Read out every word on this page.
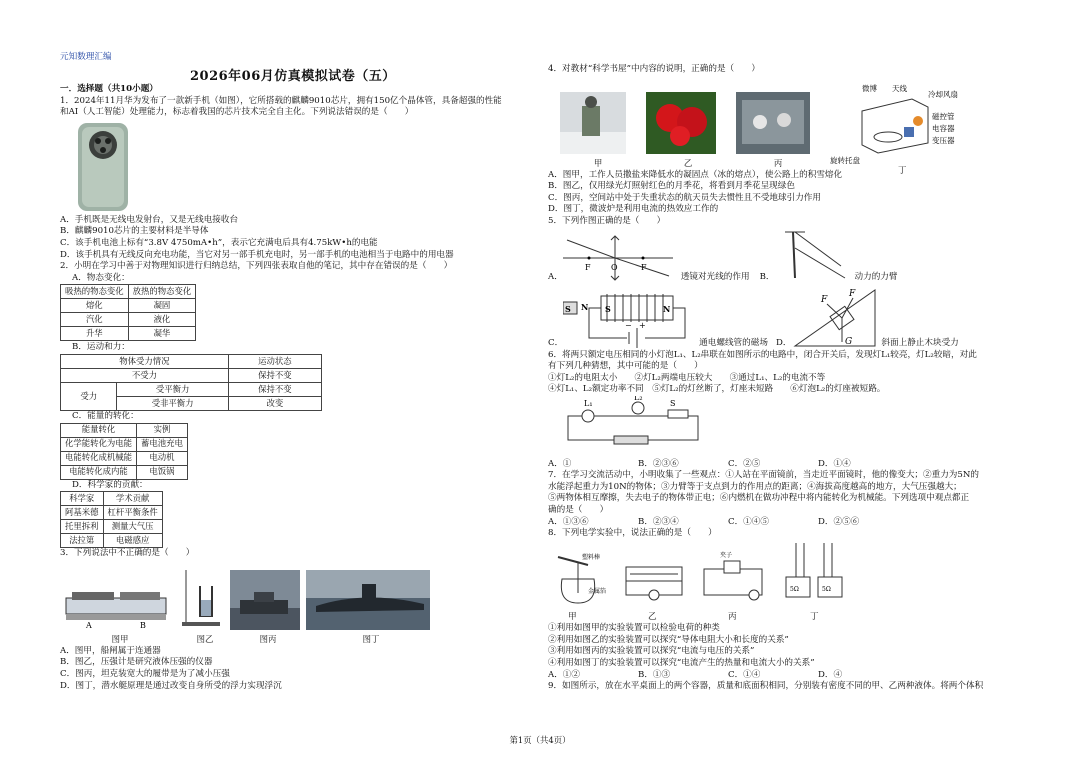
元知数理汇编
2026年06月仿真模拟试卷（五）

一．选择题（共10小题）

1．2024年11月华为发布了一款新手机（如图），它所搭载的麒麟9010芯片，拥有150亿个晶体管，具备超强的性能

和AI（人工智能）处理能力，标志着我国的芯片技术完全自主化。下列说法错误的是（　　）

A．手机既是无线电发射台，又是无线电接收台

B．麒麟9010芯片的主要材料是半导体

C．该手机电池上标有“3.8V 4750mA•h”，表示它充满电后具有4.75kW•h的电能

D．该手机具有无线反向充电功能，当它对另一部手机充电时，另一部手机的电池相当于电路中的用电器

2．小明在学习中善于对物理知识进行归纳总结，下列四张表取自他的笔记，其中存在错误的是（　　）

A．物态变化：

吸热的物态变化	放热的物态变化
熔化	凝固
汽化	液化
升华	凝华

B．运动和力：

物体受力情况		运动状态
不受力		保持不变
受力	受平衡力	保持不变
	受非平衡力	改变

C．能量的转化：

能量转化	实例
化学能转化为电能	蓄电池充电
电能转化成机械能	电动机
电能转化成内能	电饭锅

D．科学家的贡献：

科学家	学术贡献
阿基米德	杠杆平衡条件
托里拆利	测量大气压
法拉第	电磁感应

3．下列说法中不正确的是（　　）

A	B
图甲	图乙	图丙	图丁

A．图甲，船闸属于连通器

B．图乙，压强计是研究液体压强的仪器

C．图丙，坦克装宽大的履带是为了减小压强

D．图丁，潜水艇原理是通过改变自身所受的浮力实现浮沉

4．对教材“科学书屋”中内容的说明，正确的是（　　）

甲	乙	丙
微博 天线
冷却风扇
磁控管
电容器
旋转托盘
变压器
丁

A．图甲，工作人员撒盐来降低水的凝固点（冰的熔点），使公路上的积雪熔化

B．图乙，仅用绿光灯照射红色的月季花，将看到月季花呈现绿色

C．图丙，空间站中处于失重状态的航天员失去惯性且不受地球引力作用

D．图丁，微波炉是利用电流的热效应工作的

5．下列作图正确的是（　　）

A．
F	O	F
透镜对光线的作用 B．	动力的力臂
C．
S N S	N
− +
通电螺线管的磁场 D．
F
F
G	斜面上静止木块受力

6．将两只额定电压相同的小灯泡L₁、L₂串联在如图所示的电路中，闭合开关后，发现灯L₁较亮，灯L₂较暗，对此

有下列几种猜想，其中可能的是（　　）

①灯L₂的电阻太小　　②灯L₂两端电压较大　　③通过L₁、L₂的电流不等

④灯L₁、L₂额定功率不同　⑤灯L₂的灯丝断了，灯座未短路　　⑥灯泡L₂的灯座被短路。

L₁
L₂
S
A．①	B．②③⑥	C．②⑤	D．①④

7．在学习交流活动中，小明收集了一些观点：①人站在平面镜前，当走近平面镜时，他的像变大；②重力为5N的

水能浮起重力为10N的物体；③力臂等于支点到力的作用点的距离；④海拔高度越高的地方，大气压强越大；

⑤两物体相互摩擦，失去电子的物体带正电；⑥内燃机在做功冲程中将内能转化为机械能。下列选项中观点都正

确的是（　　）

A．①③⑥	B．②③④	C．①④⑤	D．②⑤⑥

8．下列电学实验中，说法正确的是（　　）

塑料棒
金属箔
夹子
5Ω	5Ω
甲	乙	丙	丁

①利用如图甲的实验装置可以检验电荷的种类

②利用如图乙的实验装置可以探究“导体电阻大小和长度的关系”

③利用如图丙的实验装置可以探究“电流与电压的关系”

④利用如图丁的实验装置可以探究“电流产生的热量和电流大小的关系”

A．①②	B．①③	C．①④	D．④

9．如图所示，放在水平桌面上的两个容器，质量和底面积相同，分别装有密度不同的甲、乙两种液体。将两个体积

第1页（共4页）
